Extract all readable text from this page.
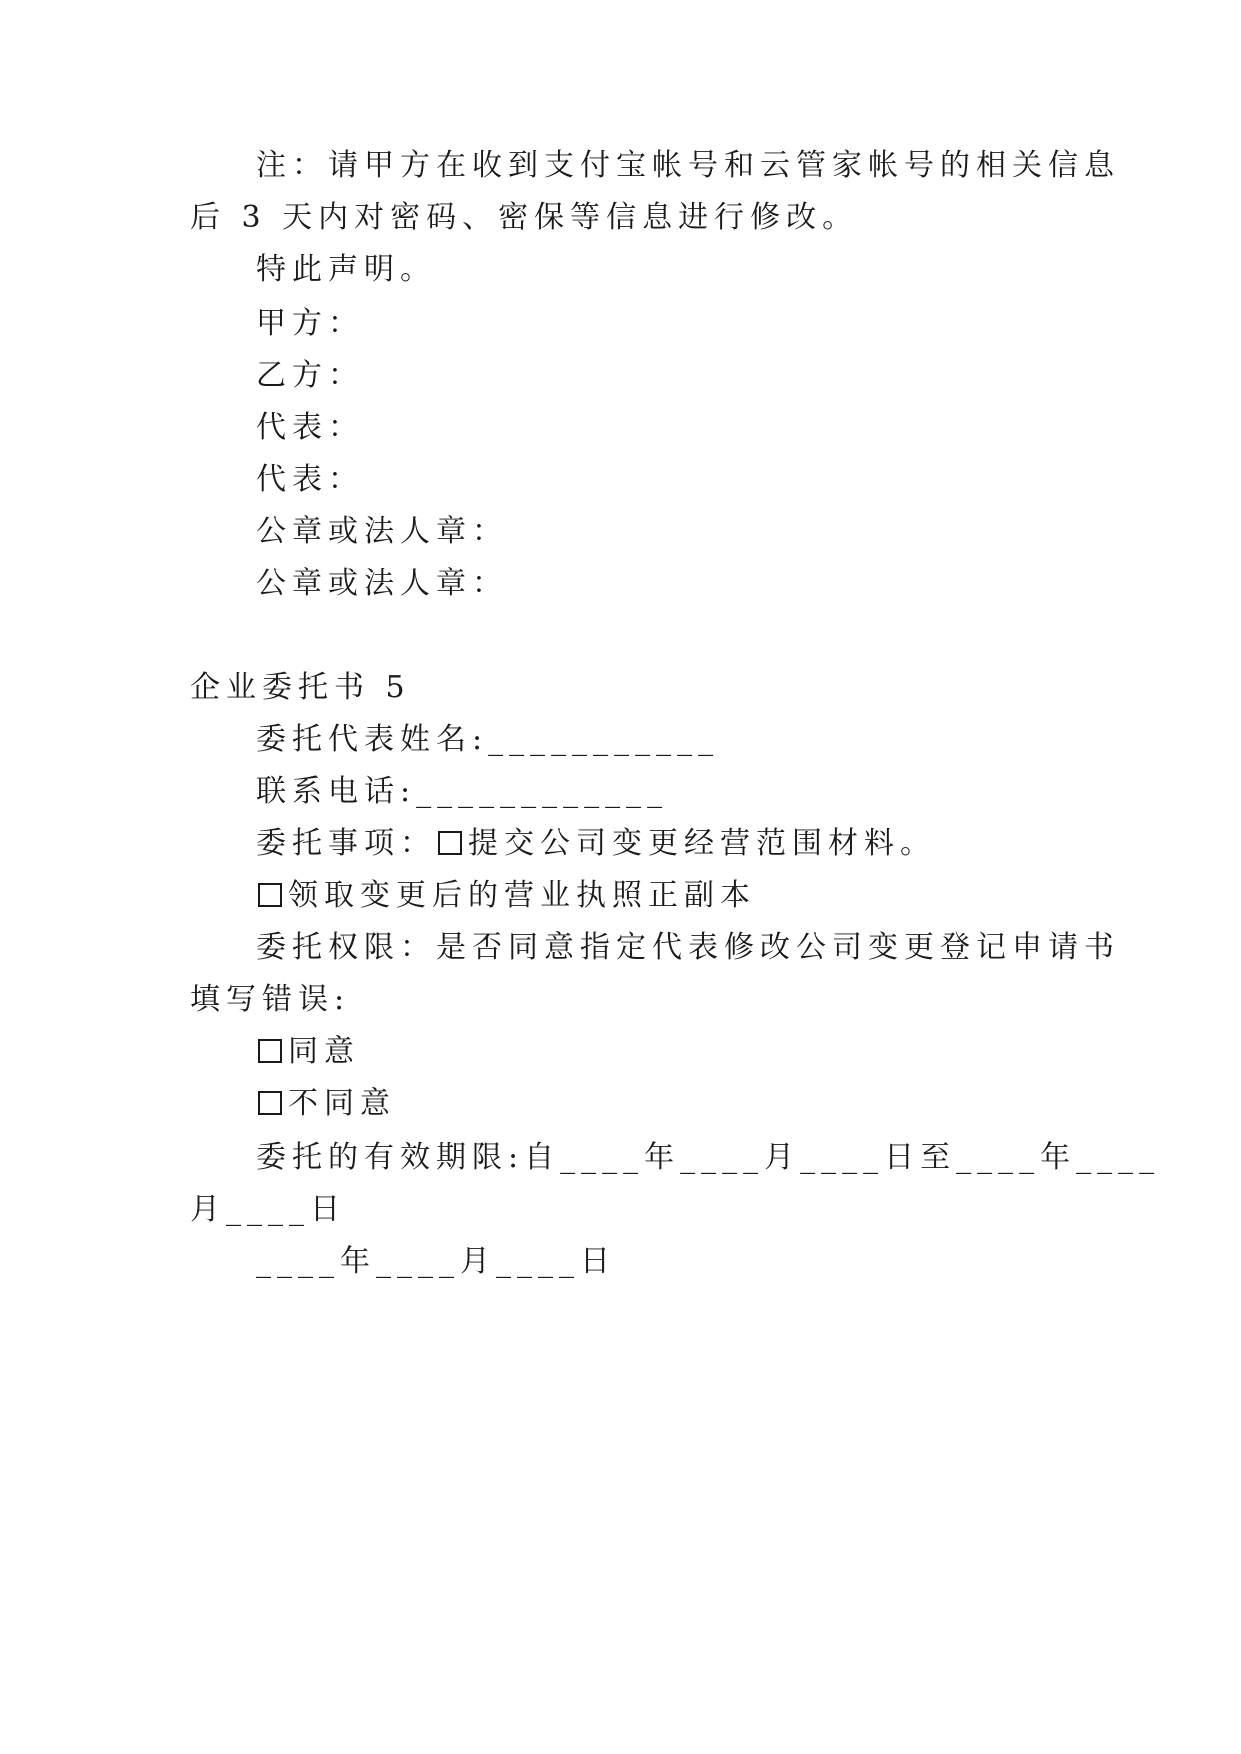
注：请甲方在收到支付宝帐号和云管家帐号的相关信息
后 3 天内对密码、密保等信息进行修改。
特此声明。
甲方：
乙方：
代表：
代表：
公章或法人章：
公章或法人章：
企业委托书 5
委托代表姓名:___________
联系电话:____________
委托事项： 提交公司变更经营范围材料。
领取变更后的营业执照正副本
委托权限：是否同意指定代表修改公司变更登记申请书
填写错误:
同意
不同意
委托的有效期限:自____年____月____日至____年____
月____日
____年____月____日
